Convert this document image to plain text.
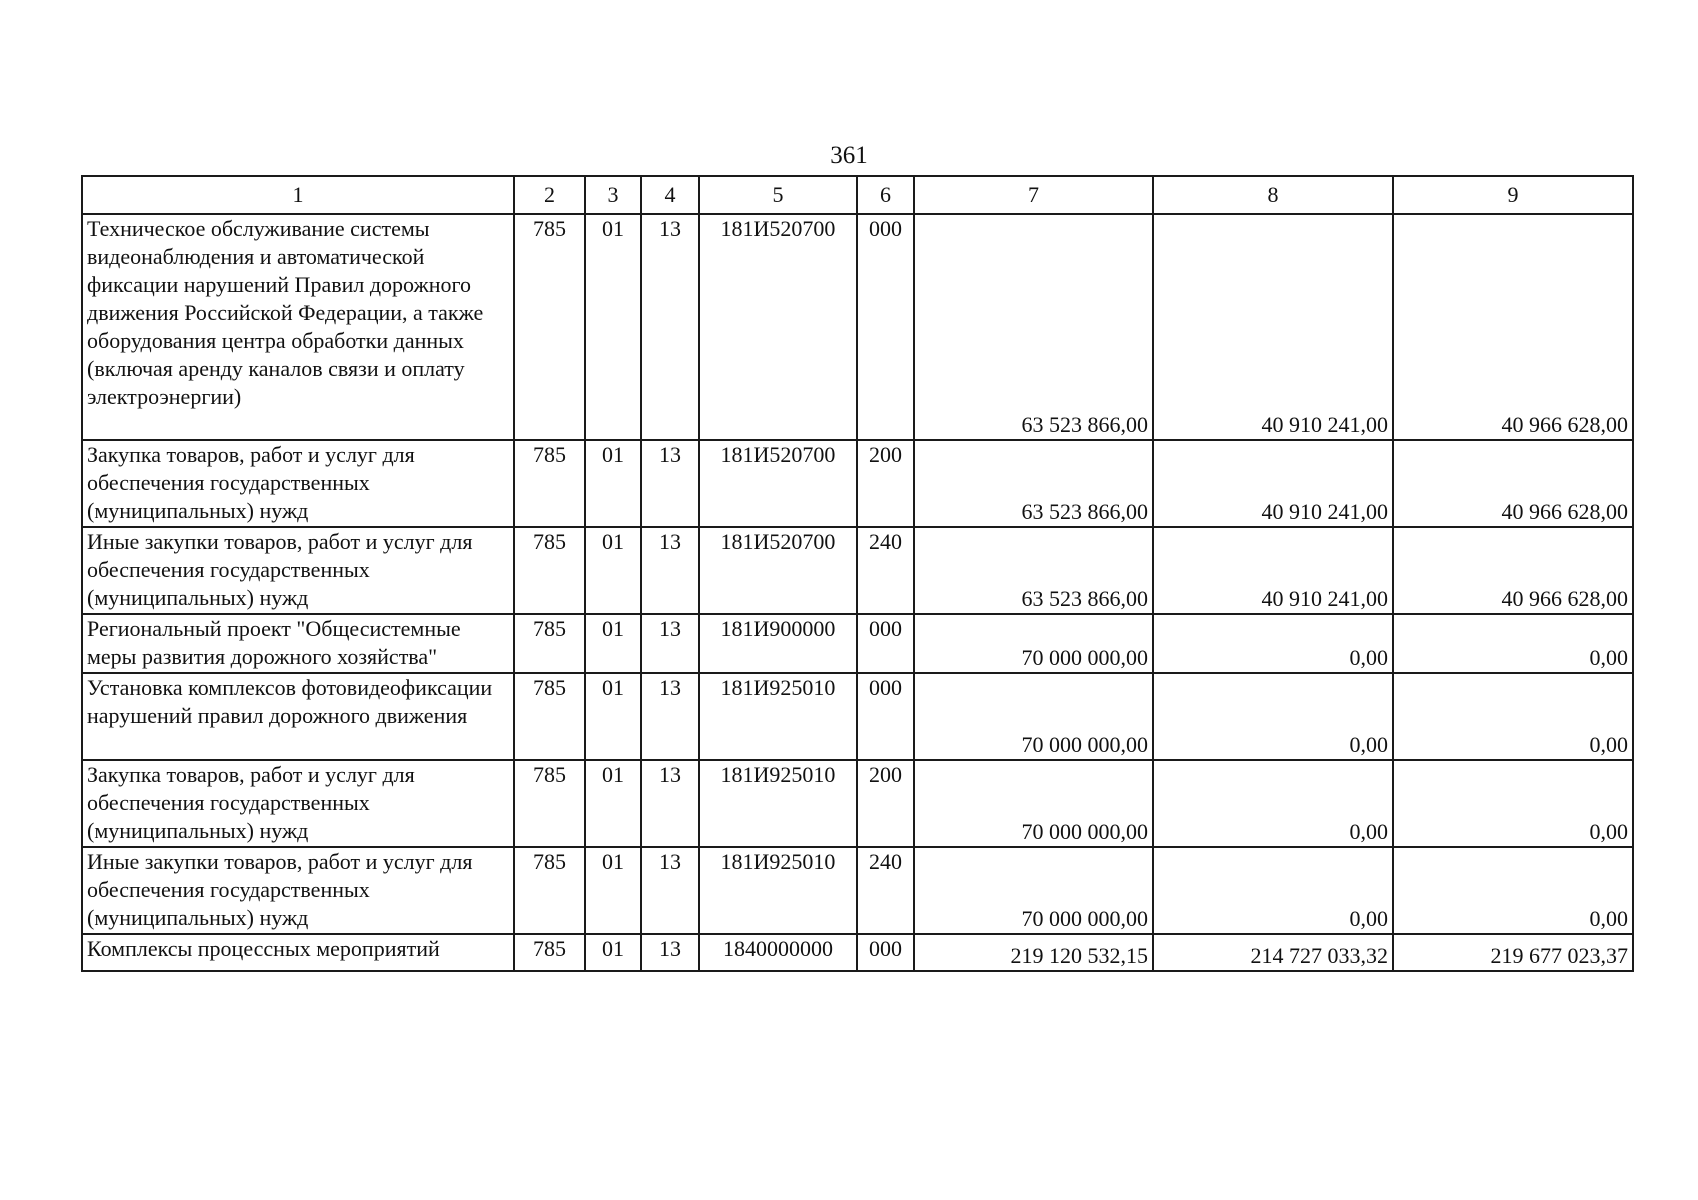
361
1	2	3	4	5	6	7	8	9
Техническое обслуживание системы видеонаблюдения и автоматической фиксации нарушений Правил дорожного движения Российской Федерации, а также оборудования центра обработки данных (включая аренду каналов связи и оплату электроэнергии)	785	01	13	181И520700	000	63 523 866,00	40 910 241,00	40 966 628,00
Закупка товаров, работ и услуг для обеспечения государственных (муниципальных) нужд	785	01	13	181И520700	200	63 523 866,00	40 910 241,00	40 966 628,00
Иные закупки товаров, работ и услуг для обеспечения государственных (муниципальных) нужд	785	01	13	181И520700	240	63 523 866,00	40 910 241,00	40 966 628,00
Региональный проект "Общесистемные меры развития дорожного хозяйства"	785	01	13	181И900000	000	70 000 000,00	0,00	0,00
Установка комплексов фотовидеофиксации нарушений правил дорожного движения	785	01	13	181И925010	000	70 000 000,00	0,00	0,00
Закупка товаров, работ и услуг для обеспечения государственных (муниципальных) нужд	785	01	13	181И925010	200	70 000 000,00	0,00	0,00
Иные закупки товаров, работ и услуг для обеспечения государственных (муниципальных) нужд	785	01	13	181И925010	240	70 000 000,00	0,00	0,00
Комплексы процессных мероприятий	785	01	13	1840000000	000	219 120 532,15	214 727 033,32	219 677 023,37
